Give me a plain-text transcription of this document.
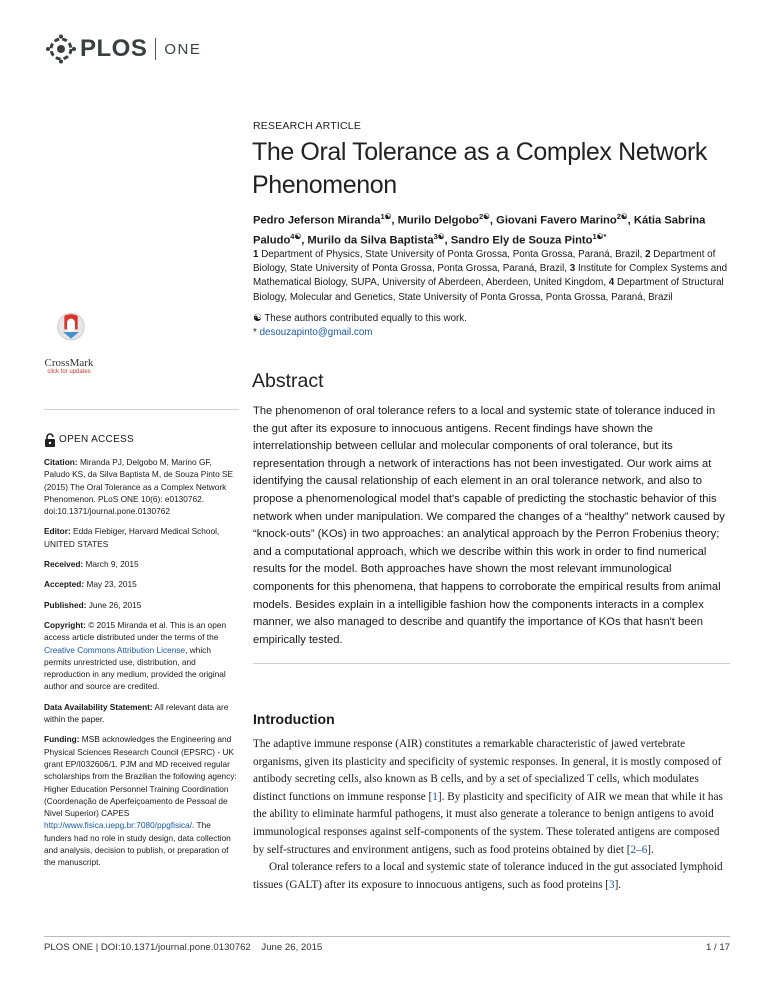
PLOS ONE
RESEARCH ARTICLE
The Oral Tolerance as a Complex Network
Phenomenon
Pedro Jeferson Miranda$^{1☯}$, Murilo Delgobo$^{2☯}$, Giovani Favero Marino$^{2☯}$, Kátia Sabrina Paludo$^{4☯}$, Murilo da Silva Baptista$^{3☯}$, Sandro Ely de Souza Pinto$^{1☯*}$
1 Department of Physics, State University of Ponta Grossa, Ponta Grossa, Paraná, Brazil, 2 Department of Biology, State University of Ponta Grossa, Ponta Grossa, Paraná, Brazil, 3 Institute for Complex Systems and Mathematical Biology, SUPA, University of Aberdeen, Aberdeen, United Kingdom, 4 Department of Structural Biology, Molecular and Genetics, State University of Ponta Grossa, Ponta Grossa, Paraná, Brazil
☯ These authors contributed equally to this work.
* desouzapinto@gmail.com
CrossMark
click for updates	Abstract
The phenomenon of oral tolerance refers to a local and systemic state of tolerance induced in the gut after its exposure to innocuous antigens. Recent findings have shown the interrelationship between cellular and molecular components of oral tolerance, but its representation through a network of interactions has not been investigated. Our work aims at identifying the causal relationship of each element in an oral tolerance network, and also to propose a phenomenological model that's capable of predicting the stochastic behavior of this network when under manipulation. We compared the changes of a “healthy” network caused by “knock-outs” (KOs) in two approaches: an analytical approach by the Perron Frobenius theory; and a computational approach, which we describe within this work in order to find numerical results for the model. Both approaches have shown the most relevant immunological components for this phenomena, that happens to corroborate the empirical results from animal models. Besides explain in a intelligible fashion how the components interacts in a complex manner, we also managed to describe and quantify the importance of KOs that hasn't been empirically tested.
OPEN ACCESS
Citation: Miranda PJ, Delgobo M, Marino GF, Paludo KS, da Silva Baptista M, de Souza Pinto SE (2015) The Oral Tolerance as a Complex Network Phenomenon. PLoS ONE 10(6): e0130762. doi:10.1371/journal.pone.0130762
Editor: Edda Fiebiger, Harvard Medical School, UNITED STATES
Received: March 9, 2015
Accepted: May 23, 2015
Published: June 26, 2015
Copyright: © 2015 Miranda et al. This is an open access article distributed under the terms of the Creative Commons Attribution License, which permits unrestricted use, distribution, and reproduction in any medium, provided the original author and source are credited.
Data Availability Statement: All relevant data are within the paper.
Funding: MSB acknowledges the Engineering and Physical Sciences Research Council (EPSRC) - UK grant EP/I032606/1. PJM and MD received regular scholarships from the Brazilian the following agency: Higher Education Personnel Training Coordination (Coordenação de Aperfeiçoamento de Pessoal de Nivel Superior) CAPES http://www.fisica.uepg.br:7080/ppgfisica/. The funders had no role in study design, data collection and analysis, decision to publish, or preparation of the manuscript.
Introduction

The adaptive immune response (AIR) constitutes a remarkable characteristic of jawed vertebrate organisms, given its plasticity and specificity of systemic responses. In general, it is mostly composed of antibody secreting cells, also known as B cells, and by a set of specialized T cells, which modulates distinct functions on immune response [1]. By plasticity and specificity of AIR we mean that while it has the ability to eliminate harmful pathogens, it must also generate a tolerance to benign antigens to avoid immunological responses against self-components of the system. These tolerated antigens are composed by self-structures and environment antigens, such as food proteins obtained by diet [2–6].

Oral tolerance refers to a local and systemic state of tolerance induced in the gut associated lymphoid tissues (GALT) after its exposure to innocuous antigens, such as food proteins [3].

PLOS ONE | DOI:10.1371/journal.pone.0130762    June 26, 2015	1 / 17
